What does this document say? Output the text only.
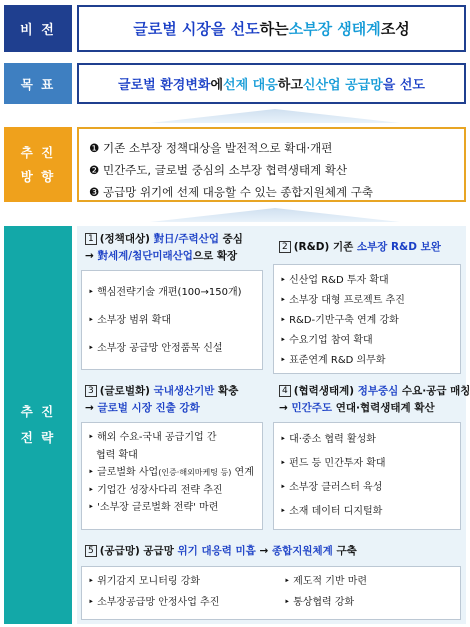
비 전	글로벌 시장을 선도 하는 소부장 생태계 조성
목 표	글로벌 환경변화 에 선제 대응 하고 신산업 공급망 을 선도
추 진
방 향
❶ 기존 소부장 정책대상을 발전적으로 확대·개편
❷ 민간주도, 글로벌 중심의 소부장 협력생태계 확산
❸ 공급망 위기에 선제 대응할 수 있는 종합지원체계 구축
추 진
전 략
1 (정책대상) 對日/주력산업 중심
→ 對세계/첨단미래산업으로 확장
‣ 핵심전략기술 개편(100→150개)
‣ 소부장 범위 확대
‣ 소부장 공급망 안정품목 신설
2 (R&D) 기존 소부장 R&D 보완
‣ 신산업 R&D 투자 확대
‣ 소부장 대형 프로젝트 추진
‣ R&D-기반구축 연계 강화
‣ 수요기업 참여 확대
‣ 표준연계 R&D 의무화
3 (글로벌화) 국내생산기반 확충
→ 글로벌 시장 진출 강화
‣ 해외 수요-국내 공급기업 간
협력 확대
‣ 글로벌화 사업(인증·해외마케팅 등) 연계
‣ 기업간 성장사다리 전략 추진
‣ '소부장 글로벌화 전략' 마련
4 (협력생태계) 정부중심 수요·공급 매칭
→ 민간주도 연대·협력생태계 확산
‣ 대·중소 협력 활성화
‣ 펀드 등 민간투자 확대
‣ 소부장 클러스터 육성
‣ 소재 데이터 디지털화
5 (공급망) 공급망 위기 대응력 미흡 → 종합지원체계 구축
‣ 위기감지 모니터링 강화	‣ 제도적 기반 마련
‣ 소부장공급망 안정사업 추진	‣ 통상협력 강화
